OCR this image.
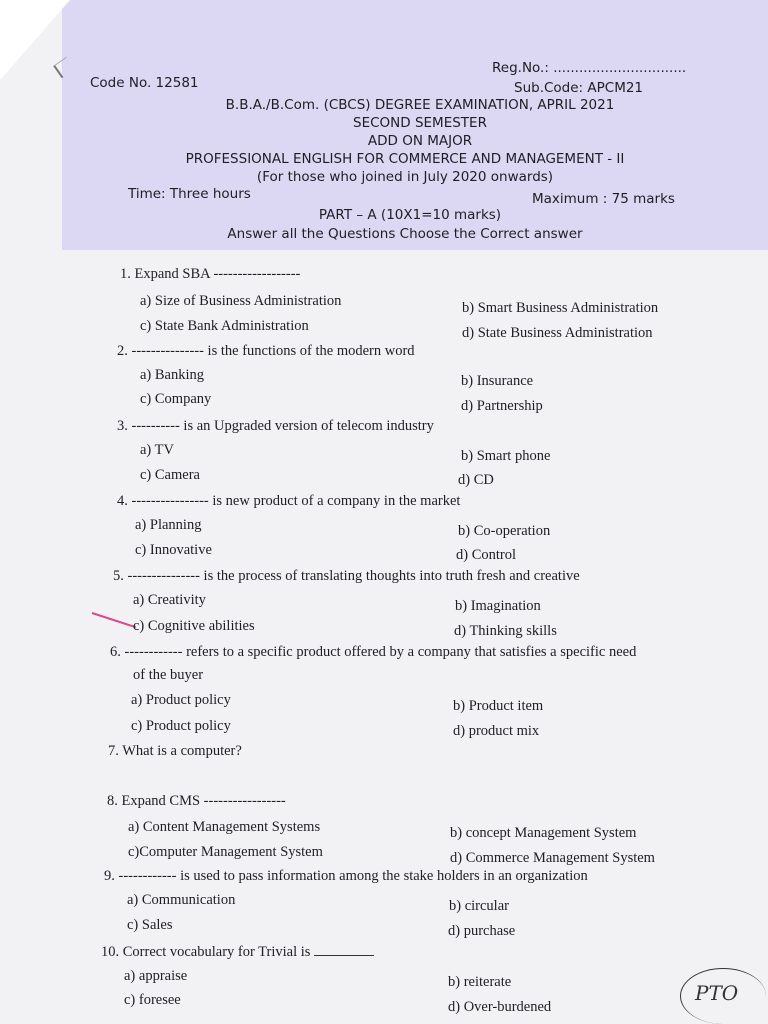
Reg.No.: ...............................
Code No. 12581	Sub.Code: APCM21
B.B.A./B.Com. (CBCS) DEGREE EXAMINATION, APRIL 2021
SECOND SEMESTER
ADD ON MAJOR
PROFESSIONAL ENGLISH FOR COMMERCE AND MANAGEMENT - II
(For those who joined in July 2020 onwards)
Time: Three hours	Maximum : 75 marks
PART – A (10X1=10 marks)
Answer all the Questions Choose the Correct answer
1. Expand SBA ------------------
a) Size of Business Administration	b) Smart Business Administration
c) State Bank Administration	d) State Business Administration
2. --------------- is the functions of the modern word
a) Banking	b) Insurance
c) Company	d) Partnership
3. ---------- is an Upgraded version of telecom industry
a) TV	b) Smart phone
c) Camera	d) CD
4. ---------------- is new product of a company in the market
a) Planning	b) Co-operation
c) Innovative	d) Control
5. --------------- is the process of translating thoughts into truth fresh and creative
a) Creativity	b) Imagination
c) Cognitive abilities	d) Thinking skills
6. ------------ refers to a specific product offered by a company that satisfies a specific need
of the buyer
a) Product policy	b) Product item
c) Product policy	d) product mix
7. What is a computer?
8. Expand CMS -----------------
a) Content Management Systems	b) concept Management System
c)Computer Management System	d) Commerce Management System
9. ------------ is used to pass information among the stake holders in an organization
a) Communication	b) circular
c) Sales	d) purchase
10. Correct vocabulary for Trivial is
a) appraise	b) reiterate
c) foresee	d) Over-burdened
PTO
